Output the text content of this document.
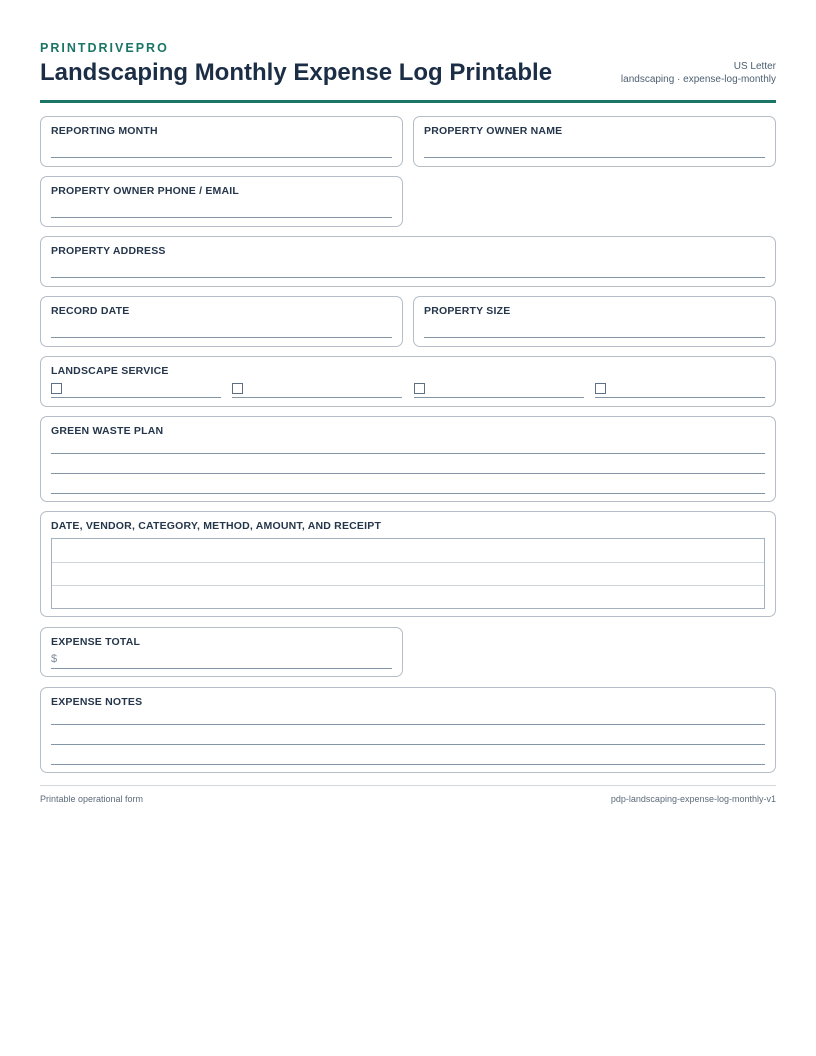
PRINTDRIVEPRO
Landscaping Monthly Expense Log Printable	US Letter
landscaping · expense-log-monthly
REPORTING MONTH	PROPERTY OWNER NAME
PROPERTY OWNER PHONE / EMAIL
PROPERTY ADDRESS
RECORD DATE	PROPERTY SIZE
LANDSCAPE SERVICE
GREEN WASTE PLAN
DATE, VENDOR, CATEGORY, METHOD, AMOUNT, AND RECEIPT
EXPENSE TOTAL
$
EXPENSE NOTES
Printable operational form	pdp-landscaping-expense-log-monthly-v1
